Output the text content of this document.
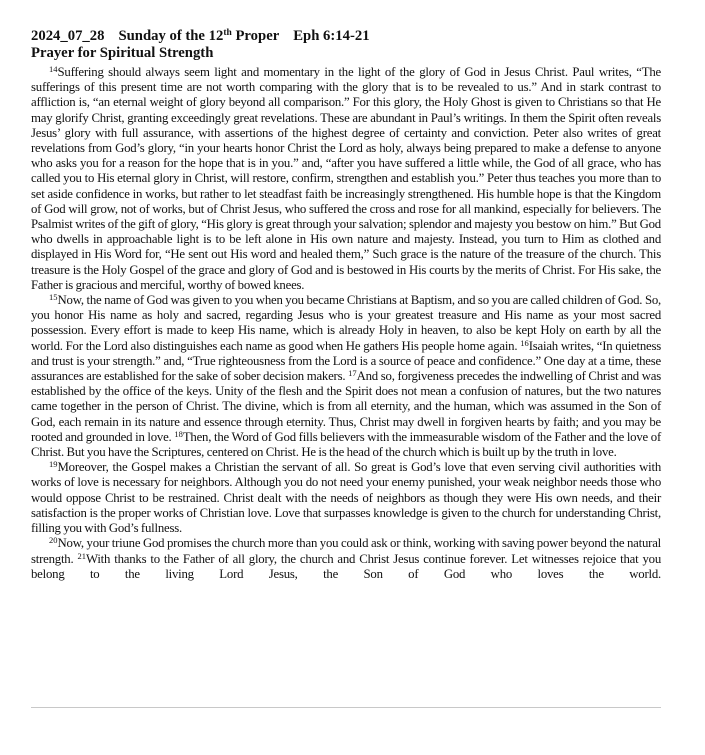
2024_07_28 Sunday of the 12th Proper Eph 6:14-21
Prayer for Spiritual Strength

$^{14}$Suffering should always seem light and momentary in the light of the glory of God in Jesus Christ. Paul writes, “The sufferings of this present time are not worth comparing with the glory that is to be revealed to us.” And in stark contrast to affliction is, “an eternal weight of glory beyond all comparison.” For this glory, the Holy Ghost is given to Christians so that He may glorify Christ, granting exceedingly great revelations. These are abundant in Paul’s writings. In them the Spirit often reveals Jesus’ glory with full assurance, with assertions of the highest degree of certainty and conviction. Peter also writes of great revelations from God’s glory, “in your hearts honor Christ the Lord as holy, always being prepared to make a defense to anyone who asks you for a reason for the hope that is in you.” and, “after you have suffered a little while, the God of all grace, who has called you to His eternal glory in Christ, will restore, confirm, strengthen and establish you.” Peter thus teaches you more than to set aside confidence in works, but rather to let steadfast faith be increasingly strengthened. His humble hope is that the Kingdom of God will grow, not of works, but of Christ Jesus, who suffered the cross and rose for all mankind, especially for believers. The Psalmist writes of the gift of glory, “His glory is great through your salvation; splendor and majesty you bestow on him.” But God who dwells in approachable light is to be left alone in His own nature and majesty. Instead, you turn to Him as clothed and displayed in His Word for, “He sent out His word and healed them,” Such grace is the nature of the treasure of the church. This treasure is the Holy Gospel of the grace and glory of God and is bestowed in His courts by the merits of Christ. For His sake, the Father is gracious and merciful, worthy of bowed knees.

$^{15}$Now, the name of God was given to you when you became Christians at Baptism, and so you are called children of God. So, you honor His name as holy and sacred, regarding Jesus who is your greatest treasure and His name as your most sacred possession. Every effort is made to keep His name, which is already Holy in heaven, to also be kept Holy on earth by all the world. For the Lord also distinguishes each name as good when He gathers His people home again. $^{16}$Isaiah writes, “In quietness and trust is your strength.” and, “True righteousness from the Lord is a source of peace and confidence.” One day at a time, these assurances are established for the sake of sober decision makers. $^{17}$And so, forgiveness precedes the indwelling of Christ and was established by the office of the keys. Unity of the flesh and the Spirit does not mean a confusion of natures, but the two natures came together in the person of Christ. The divine, which is from all eternity, and the human, which was assumed in the Son of God, each remain in its nature and essence through eternity. Thus, Christ may dwell in forgiven hearts by faith; and you may be rooted and grounded in love. $^{18}$Then, the Word of God fills believers with the immeasurable wisdom of the Father and the love of Christ. But you have the Scriptures, centered on Christ. He is the head of the church which is built up by the truth in love.

$^{19}$Moreover, the Gospel makes a Christian the servant of all. So great is God’s love that even serving civil authorities with works of love is necessary for neighbors. Although you do not need your enemy punished, your weak neighbor needs those who would oppose Christ to be restrained. Christ dealt with the needs of neighbors as though they were His own needs, and their satisfaction is the proper works of Christian love. Love that surpasses knowledge is given to the church for understanding Christ, filling you with God’s fullness.

$^{20}$Now, your triune God promises the church more than you could ask or think, working with saving power beyond the natural strength. $^{21}$With thanks to the Father of all glory, the church and Christ Jesus continue forever. Let witnesses rejoice that you belong to the living Lord Jesus, the Son of God who loves the world.
